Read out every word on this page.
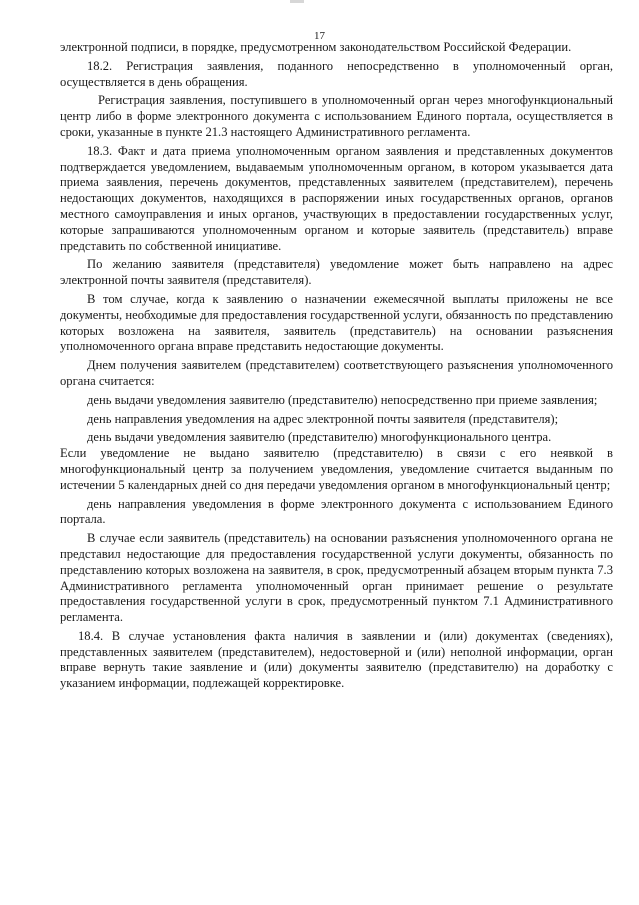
17

электронной подписи, в порядке, предусмотренном законодательством Российской Федерации.

18.2. Регистрация заявления, поданного непосредственно в уполномоченный орган, осуществляется в день обращения.

Регистрация заявления, поступившего в уполномоченный орган через многофункциональный центр либо в форме электронного документа с использованием Единого портала, осуществляется в сроки, указанные в пункте 21.3 настоящего Административного регламента.

18.3. Факт и дата приема уполномоченным органом заявления и представленных документов подтверждается уведомлением, выдаваемым уполномоченным органом, в котором указывается дата приема заявления, перечень документов, представленных заявителем (представителем), перечень недостающих документов, находящихся в распоряжении иных государственных органов, органов местного самоуправления и иных органов, участвующих в предоставлении государственных услуг, которые запрашиваются уполномоченным органом и которые заявитель (представитель) вправе представить по собственной инициативе.

По желанию заявителя (представителя) уведомление может быть направлено на адрес электронной почты заявителя (представителя).

В том случае, когда к заявлению о назначении ежемесячной выплаты приложены не все документы, необходимые для предоставления государственной услуги, обязанность по представлению которых возложена на заявителя, заявитель (представитель) на основании разъяснения уполномоченного органа вправе представить недостающие документы.

Днем получения заявителем (представителем) соответствующего разъяснения уполномоченного органа считается:

день выдачи уведомления заявителю (представителю) непосредственно при приеме заявления;

день направления уведомления на адрес электронной почты заявителя (представителя);

день выдачи уведомления заявителю (представителю) многофункционального центра.

Если уведомление не выдано заявителю (представителю) в связи с его неявкой в многофункциональный центр за получением уведомления, уведомление считается выданным по истечении 5 календарных дней со дня передачи уведомления органом в многофункциональный центр;

день направления уведомления в форме электронного документа с использованием Единого портала.

В случае если заявитель (представитель) на основании разъяснения уполномоченного органа не представил недостающие для предоставления государственной услуги документы, обязанность по представлению которых возложена на заявителя, в срок, предусмотренный абзацем вторым пункта 7.3 Административного регламента уполномоченный орган принимает решение о результате предоставления государственной услуги в срок, предусмотренный пунктом 7.1 Административного регламента.

18.4. В случае установления факта наличия в заявлении и (или) документах (сведениях), представленных заявителем (представителем), недостоверной и (или) неполной информации, орган вправе вернуть такие заявление и (или) документы заявителю (представителю) на доработку с указанием информации, подлежащей корректировке.
